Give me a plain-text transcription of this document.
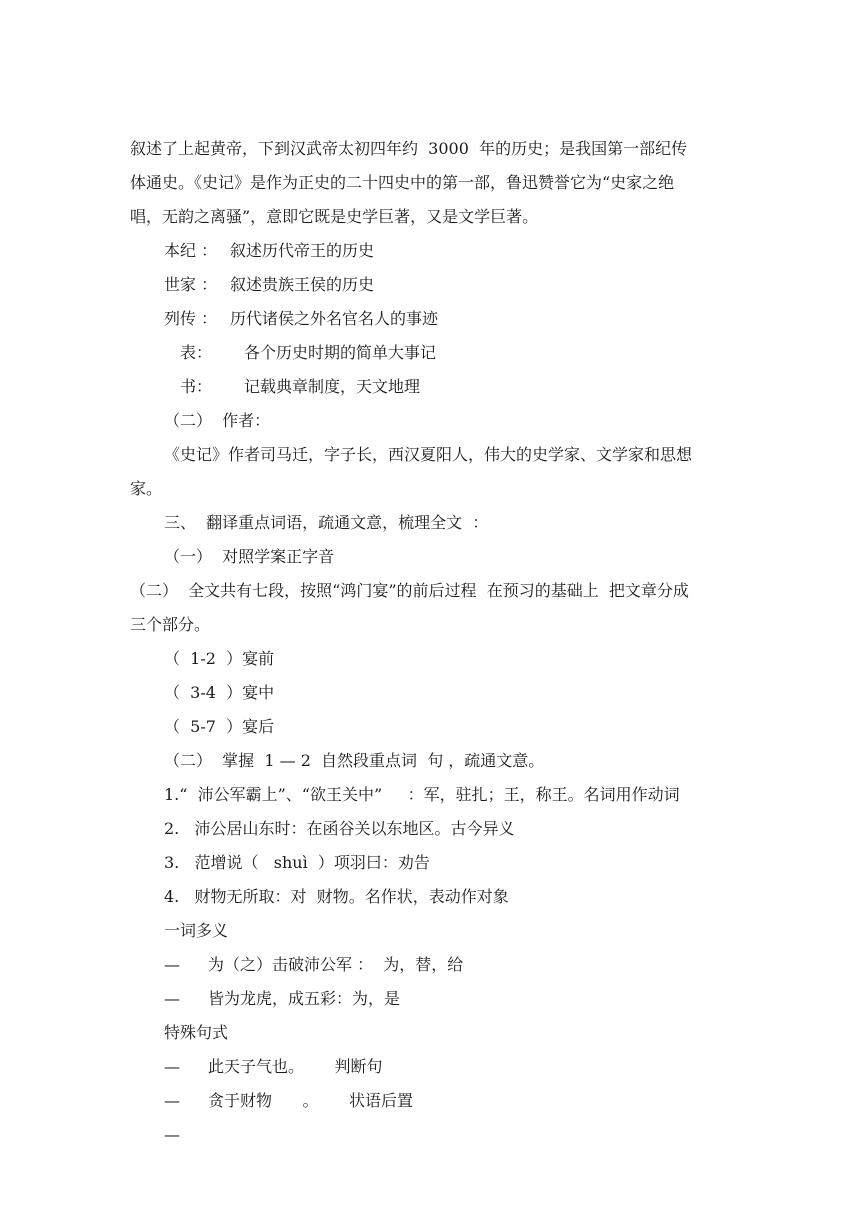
叙述了上起黄帝，下到汉武帝太初四年约  3000  年的历史；是我国第一部纪传
体通史。《史记》是作为正史的二十四史中的第一部，鲁迅赞誉它为“史家之绝
唱，无韵之离骚”，意即它既是史学巨著，又是文学巨著。
本纪 ： 叙述历代帝王的历史
世家 ： 叙述贵族王侯的历史
列传 ： 历代诸侯之外名官名人的事迹
表： 各个历史时期的简单大事记
书： 记载典章制度，天文地理
（二）  作者：
《史记》作者司马迁，字子长，西汉夏阳人，伟大的史学家、文学家和思想
家。
三、  翻译重点词语，疏通文意，梳理全文  ：
（一）  对照学案正字音
（二）  全文共有七段，按照“鸿门宴”的前后过程  在预习的基础上  把文章分成
三个部分。
（  1-2  ）宴前
（  3-4  ）宴中
（  5-7  ）宴后
（二）  掌握  1 — 2  自然段重点词  句 ，疏通文意。
1.“  沛公军霸上”、“欲王关中”     ：军，驻扎；王，称王。名词用作动词
2.   沛公居山东时：在函谷关以东地区。古今异义
3.   范增说（   shuì  ）项羽曰：劝告
4.   财物无所取：对  财物。名作状，表动作对象
一词多义
— 为（之）击破沛公军 ：  为，替，给
— 皆为龙虎，成五彩：为，是
特殊句式
— 此天子气也。      判断句
— 贪于财物      。      状语后置
—
